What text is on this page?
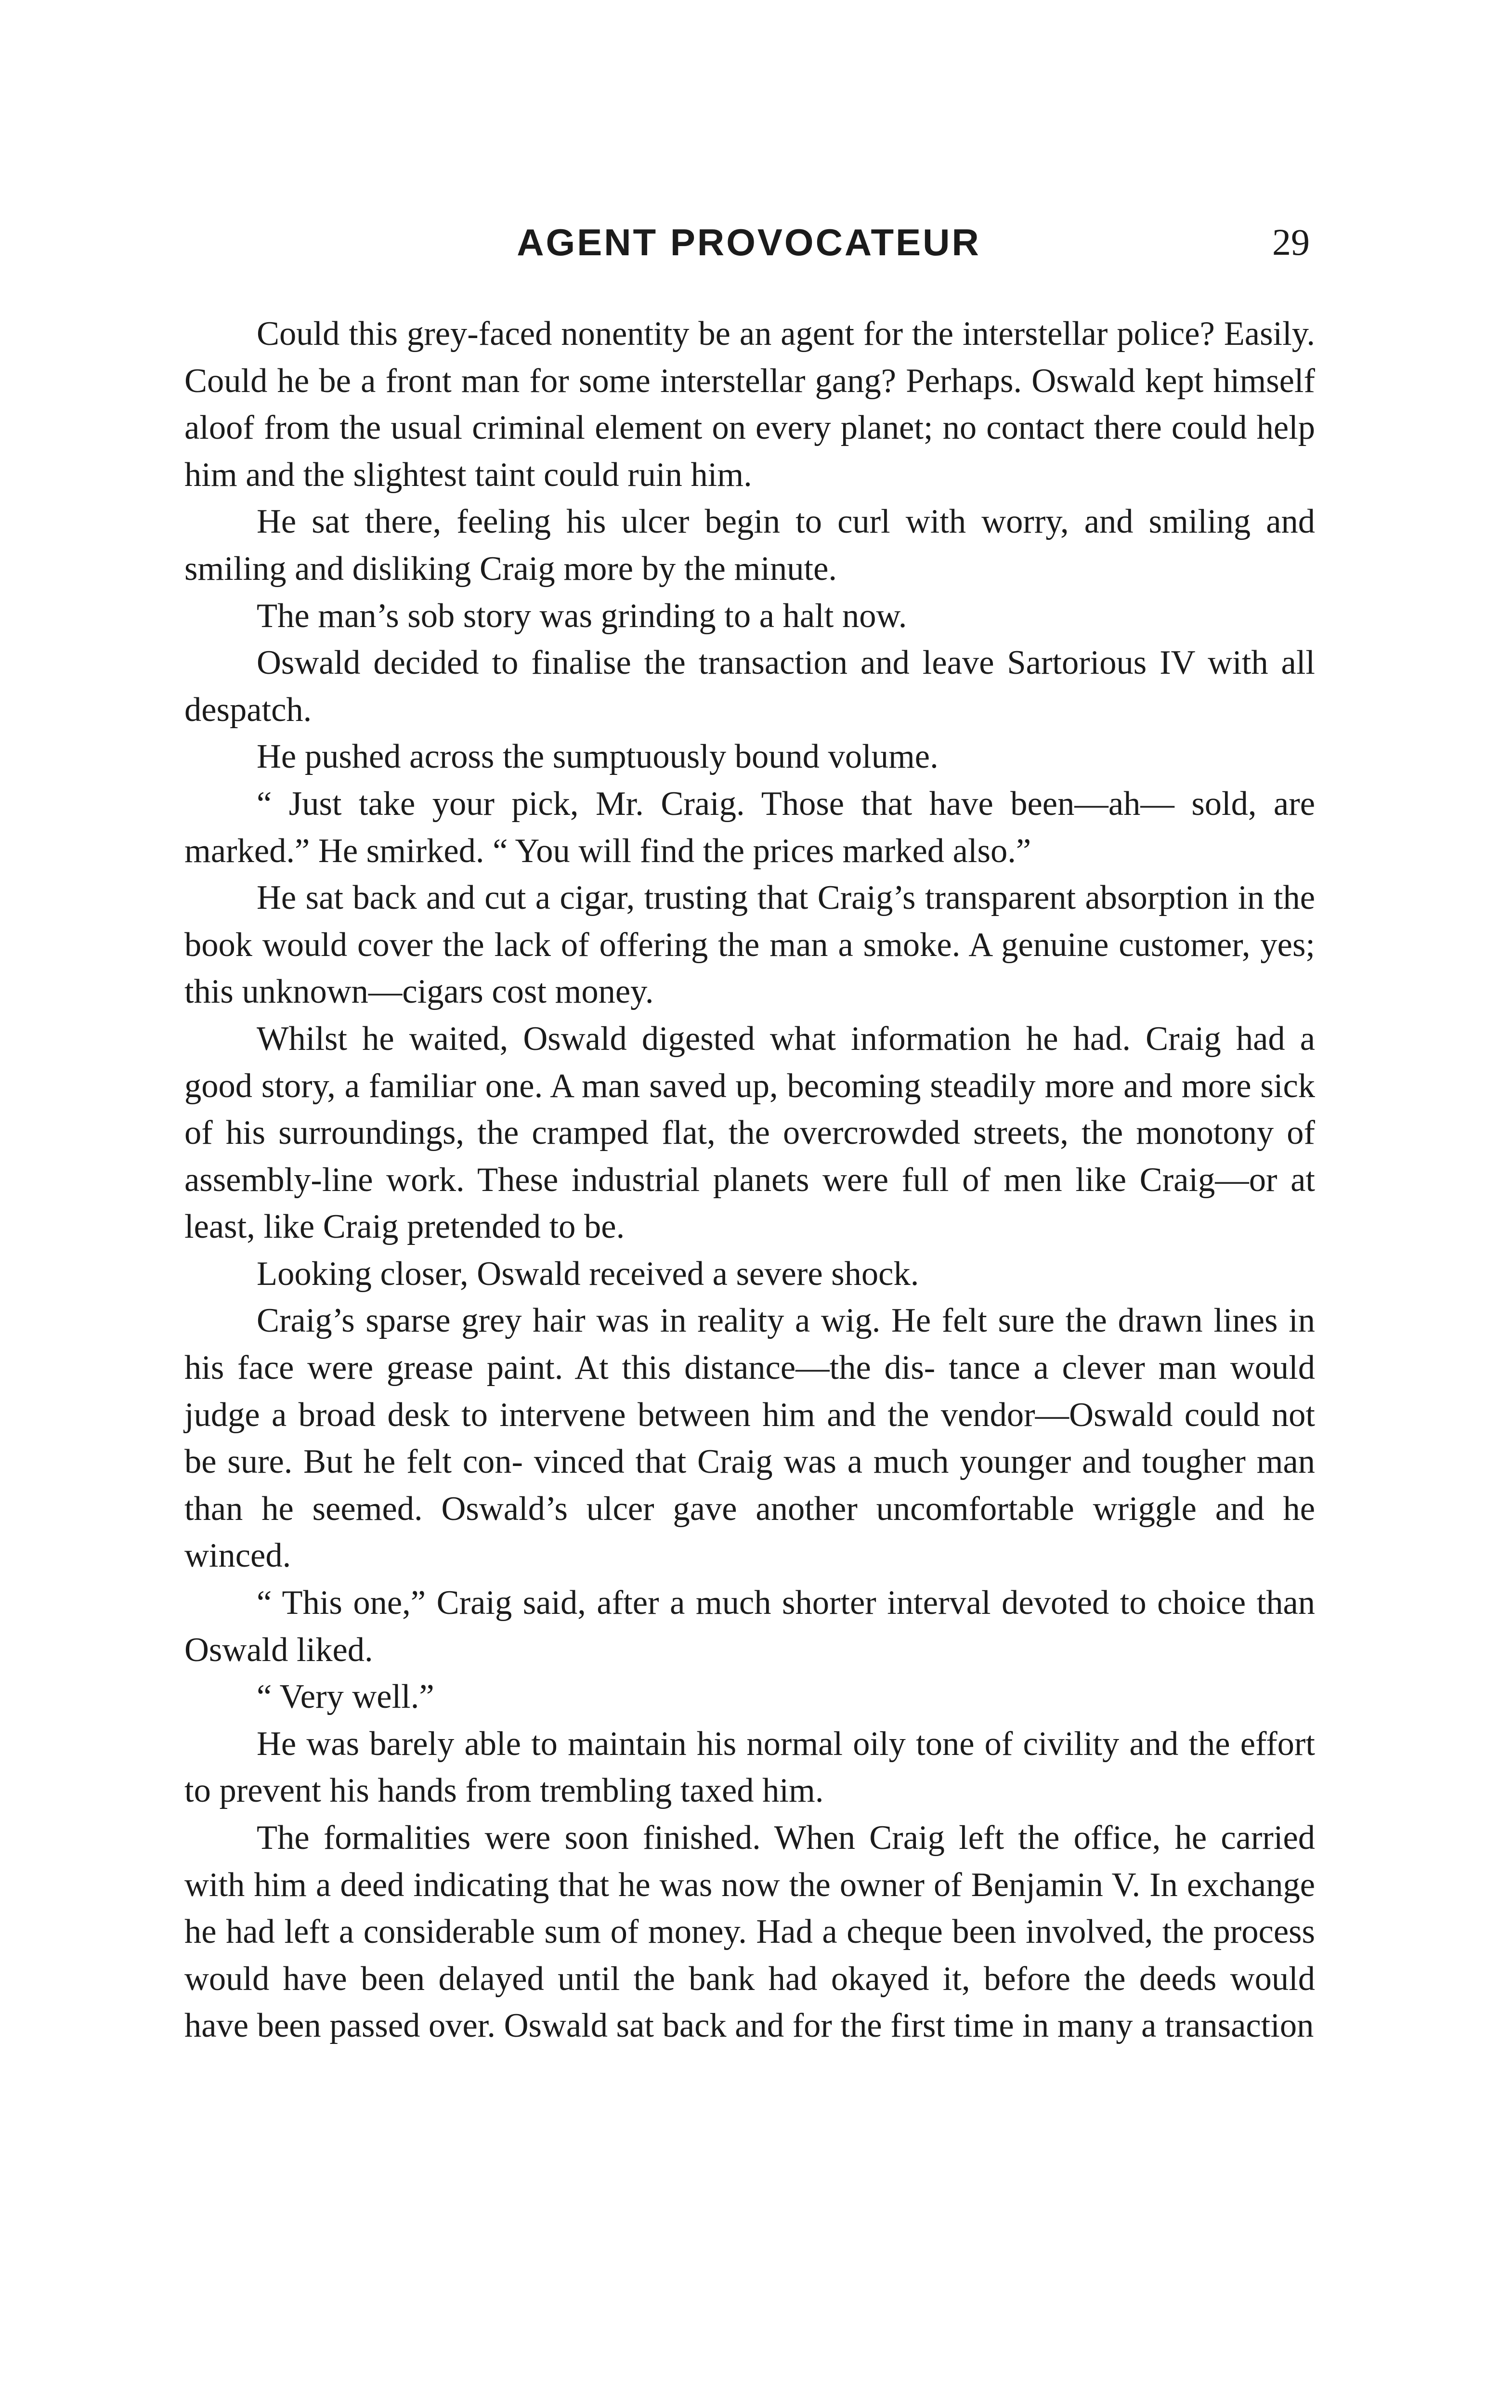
AGENT PROVOCATEUR	29

Could this grey-faced nonentity be an agent for the interstellar police? Easily. Could he be a front man for some interstellar gang? Perhaps. Oswald kept himself aloof from the usual criminal element on every planet; no contact there could help him and the slightest taint could ruin him.

He sat there, feeling his ulcer begin to curl with worry, and smiling and smiling and disliking Craig more by the minute.

The man’s sob story was grinding to a halt now.

Oswald decided to finalise the transaction and leave Sartorious IV with all despatch.

He pushed across the sumptuously bound volume.

“ Just take your pick, Mr. Craig. Those that have been—ah— sold, are marked.” He smirked. “ You will find the prices marked also.”

He sat back and cut a cigar, trusting that Craig’s transparent absorption in the book would cover the lack of offering the man a smoke. A genuine customer, yes; this unknown—cigars cost money.

Whilst he waited, Oswald digested what information he had. Craig had a good story, a familiar one. A man saved up, becoming steadily more and more sick of his surroundings, the cramped flat, the overcrowded streets, the monotony of assembly-line work. These industrial planets were full of men like Craig—or at least, like Craig pretended to be.

Looking closer, Oswald received a severe shock.

Craig’s sparse grey hair was in reality a wig. He felt sure the drawn lines in his face were grease paint. At this distance—the dis- tance a clever man would judge a broad desk to intervene between him and the vendor—Oswald could not be sure. But he felt con- vinced that Craig was a much younger and tougher man than he seemed. Oswald’s ulcer gave another uncomfortable wriggle and he winced.

“ This one,” Craig said, after a much shorter interval devoted to choice than Oswald liked.

“ Very well.”

He was barely able to maintain his normal oily tone of civility and the effort to prevent his hands from trembling taxed him.

The formalities were soon finished. When Craig left the office, he carried with him a deed indicating that he was now the owner of Benjamin V. In exchange he had left a considerable sum of money. Had a cheque been involved, the process would have been delayed until the bank had okayed it, before the deeds would have been passed over. Oswald sat back and for the first time in many a transaction
